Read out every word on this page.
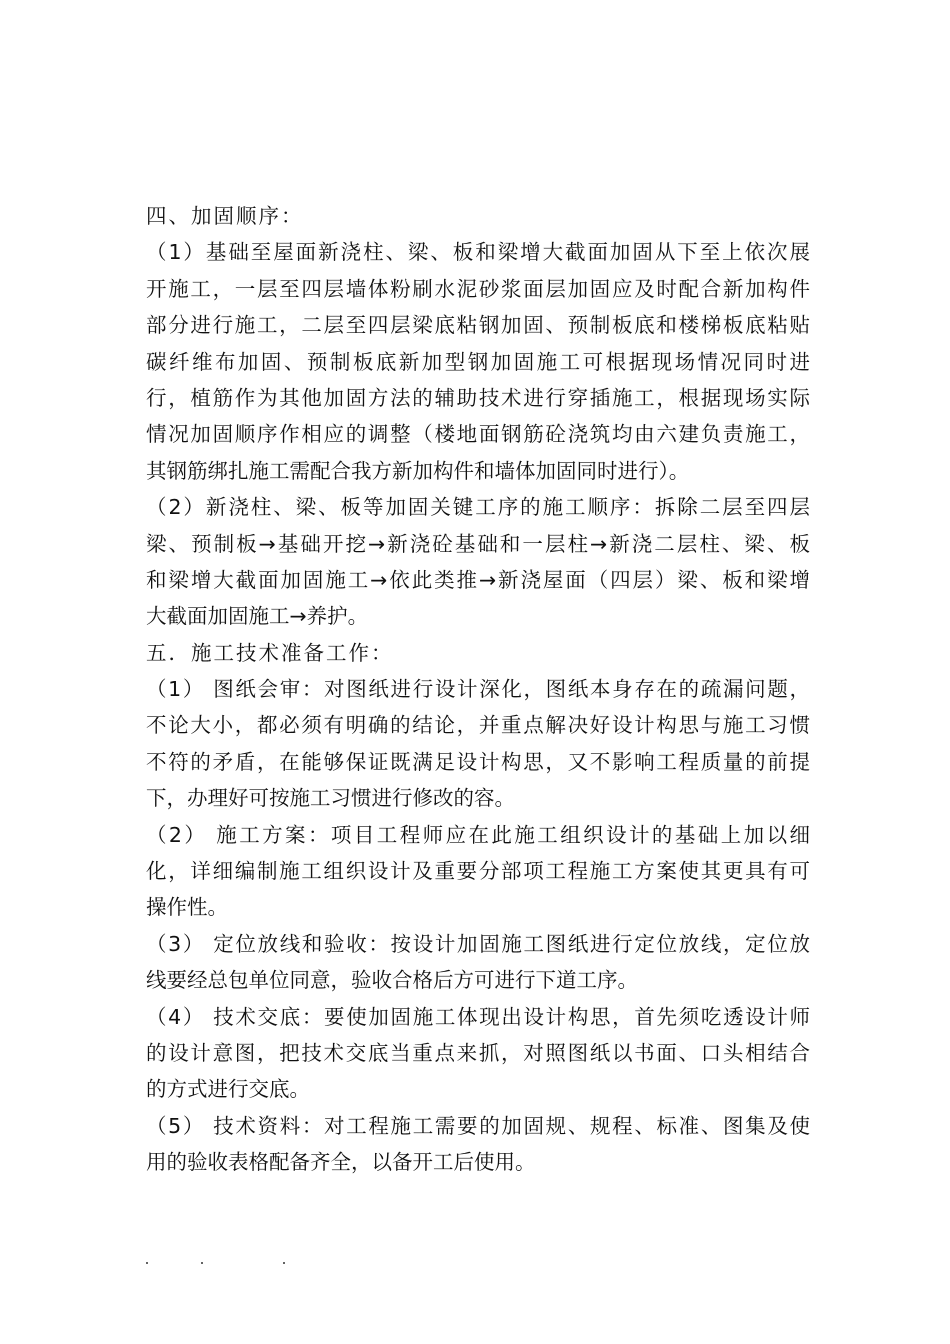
四、加固顺序：
（1）基础至屋面新浇柱、梁、板和梁增大截面加固从下至上依次展
开施工，一层至四层墙体粉刷水泥砂浆面层加固应及时配合新加构件
部分进行施工，二层至四层梁底粘钢加固、预制板底和楼梯板底粘贴
碳纤维布加固、预制板底新加型钢加固施工可根据现场情况同时进
行，植筋作为其他加固方法的辅助技术进行穿插施工，根据现场实际
情况加固顺序作相应的调整（楼地面钢筋砼浇筑均由六建负责施工，
其钢筋绑扎施工需配合我方新加构件和墙体加固同时进行）。
（2）新浇柱、梁、板等加固关键工序的施工顺序：拆除二层至四层
梁、预制板→基础开挖→新浇砼基础和一层柱→新浇二层柱、梁、板
和梁增大截面加固施工→依此类推→新浇屋面（四层）梁、板和梁增
大截面加固施工→养护。
五．施工技术准备工作：
（1） 图纸会审：对图纸进行设计深化，图纸本身存在的疏漏问题，
不论大小，都必须有明确的结论，并重点解决好设计构思与施工习惯
不符的矛盾，在能够保证既满足设计构思，又不影响工程质量的前提
下，办理好可按施工习惯进行修改的容。
（2） 施工方案：项目工程师应在此施工组织设计的基础上加以细
化，详细编制施工组织设计及重要分部项工程施工方案使其更具有可
操作性。
（3） 定位放线和验收：按设计加固施工图纸进行定位放线，定位放
线要经总包单位同意，验收合格后方可进行下道工序。
（4） 技术交底：要使加固施工体现出设计构思，首先须吃透设计师
的设计意图，把技术交底当重点来抓，对照图纸以书面、口头相结合
的方式进行交底。
（5） 技术资料：对工程施工需要的加固规、规程、标准、图集及使
用的验收表格配备齐全，以备开工后使用。
